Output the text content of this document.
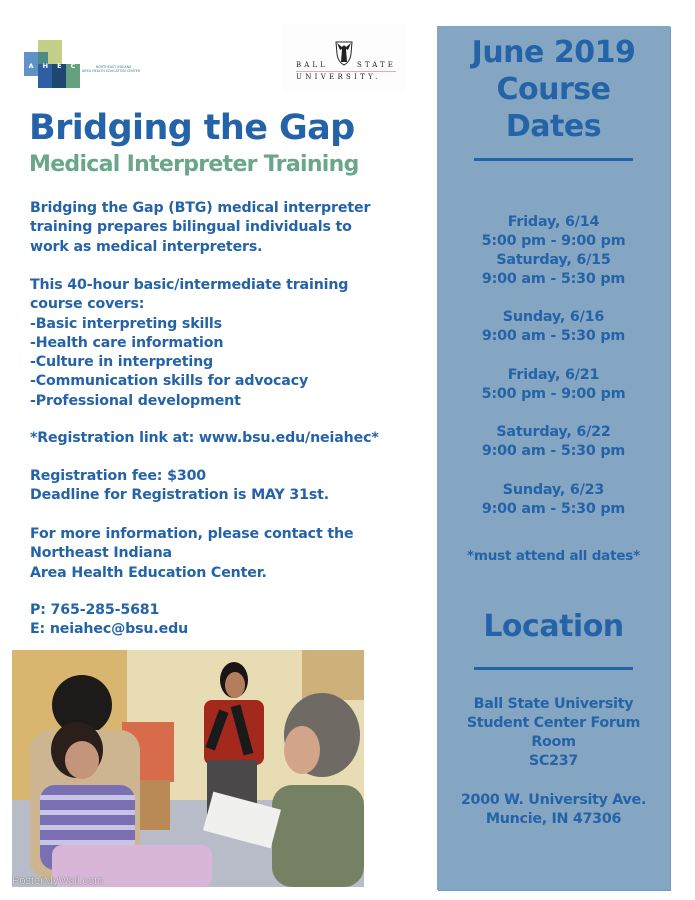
A H E C	NORTHEAST INDIANA
AREA HEALTH EDUCATION CENTER
BALL	STATE
UNIVERSITY.
Bridging the Gap
Medical Interpreter Training

Bridging the Gap (BTG) medical interpreter

training prepares bilingual individuals to

work as medical interpreters.

This 40-hour basic/intermediate training

course covers:

-Basic interpreting skills

-Health care information

-Culture in interpreting

-Communication skills for advocacy

-Professional development

*Registration link at: www.bsu.edu/neiahec*

Registration fee: $300

Deadline for Registration is MAY 31st.

For more information, please contact the

Northeast Indiana

Area Health Education Center.

P: 765-285-5681

E: neiahec@bsu.edu

PosterMyWall.com
June 2019
Course
Dates
Friday, 6/14
5:00 pm - 9:00 pm
Saturday, 6/15
9:00 am - 5:30 pm
Sunday, 6/16
9:00 am - 5:30 pm
Friday, 6/21
5:00 pm - 9:00 pm
Saturday, 6/22
9:00 am - 5:30 pm
Sunday, 6/23
9:00 am - 5:30 pm
*must attend all dates*
Location
Ball State University
Student Center Forum
Room
SC237
2000 W. University Ave.
Muncie, IN 47306
